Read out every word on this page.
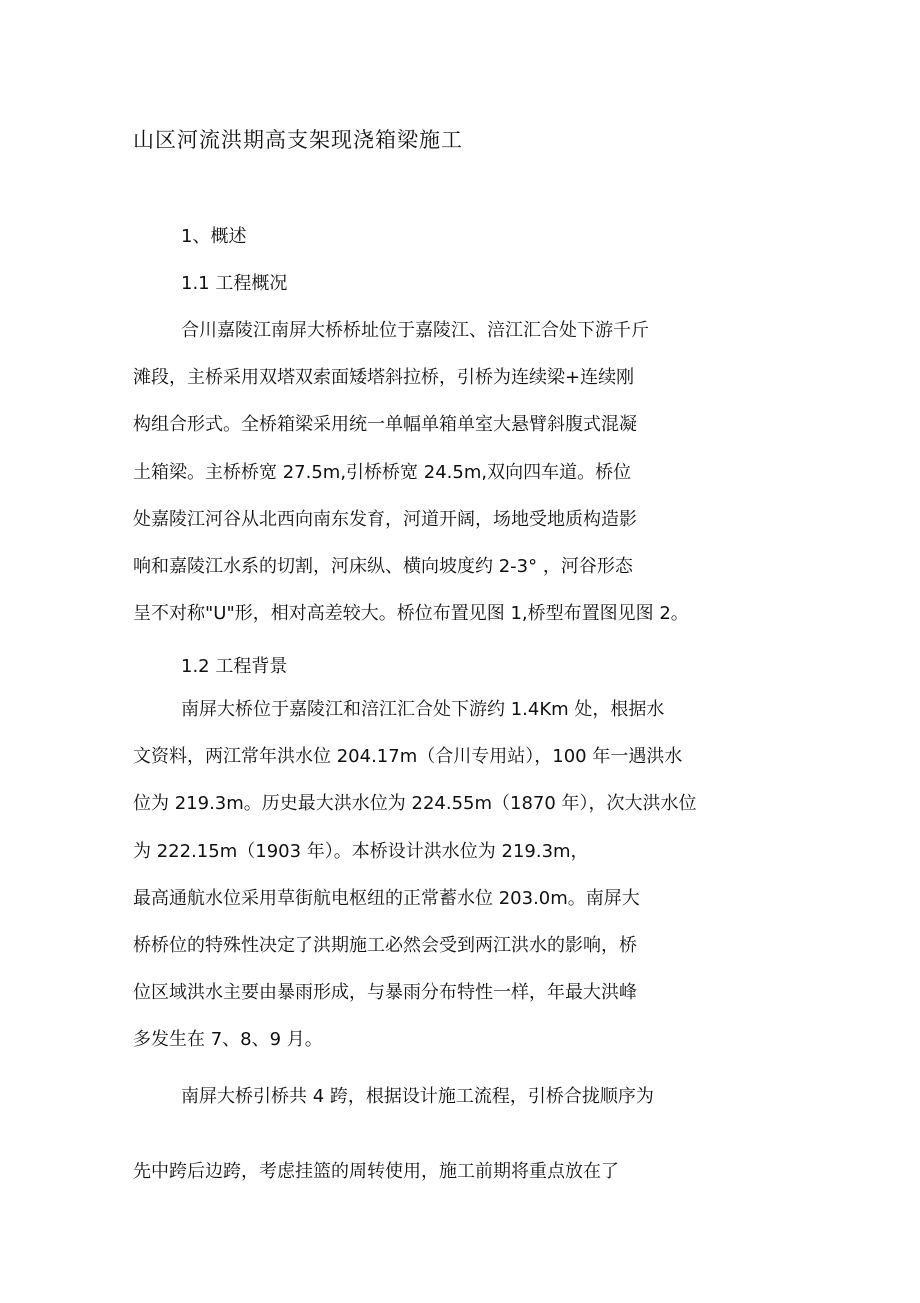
山区河流洪期高支架现浇箱梁施工
1、概述
1.1 工程概况
合川嘉陵江南屏大桥桥址位于嘉陵江、涪江汇合处下游千斤
滩段，主桥采用双塔双索面矮塔斜拉桥，引桥为连续梁+连续刚
构组合形式。全桥箱梁采用统一单幅单箱单室大悬臂斜腹式混凝
土箱梁。主桥桥宽 27.5m,引桥桥宽 24.5m,双向四车道。桥位
处嘉陵江河谷从北西向南东发育，河道开阔，场地受地质构造影
响和嘉陵江水系的切割，河床纵、横向坡度约 2-3° ，河谷形态
呈不对称"U"形，相对高差较大。桥位布置见图 1,桥型布置图见图 2。
1.2 工程背景
南屏大桥位于嘉陵江和涪江汇合处下游约 1.4Km 处，根据水
文资料，两江常年洪水位 204.17m（合川专用站），100 年一遇洪水
位为 219.3m。历史最大洪水位为 224.55m（1870 年），次大洪水位
为 222.15m（1903 年）。本桥设计洪水位为 219.3m，
最高通航水位采用草街航电枢纽的正常蓄水位 203.0m。南屏大
桥桥位的特殊性决定了洪期施工必然会受到两江洪水的影响，桥
位区域洪水主要由暴雨形成，与暴雨分布特性一样，年最大洪峰
多发生在 7、8、9 月。
南屏大桥引桥共 4 跨，根据设计施工流程，引桥合拢顺序为
先中跨后边跨，考虑挂篮的周转使用，施工前期将重点放在了
